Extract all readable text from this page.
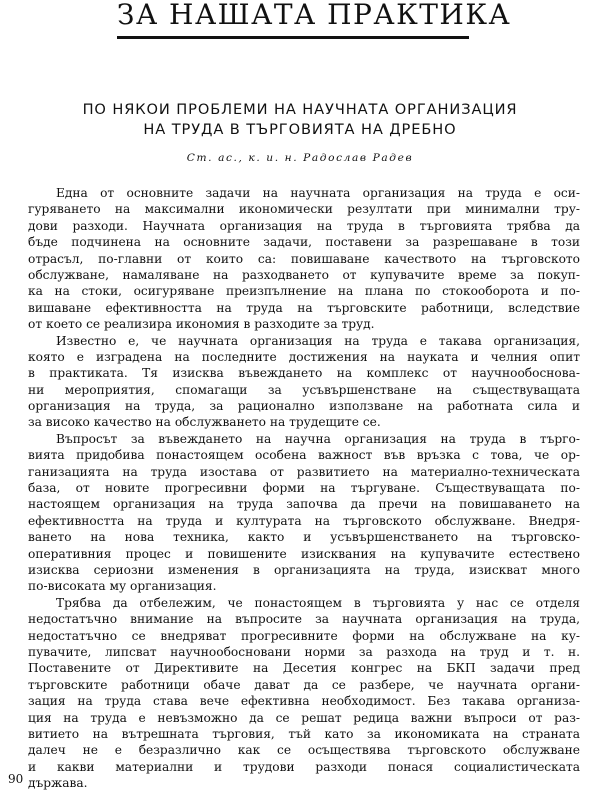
ЗА НАШАТА ПРАКТИКА
ПО НЯКОИ ПРОБЛЕМИ НА НАУЧНАТА ОРГАНИЗАЦИЯ
НА ТРУДА В ТЪРГОВИЯТА НА ДРЕБНО
Ст. ас., к. и. н. Радослав Радев
Една от основните задачи на научната организация на труда е оси-
гуряването на максимални икономически резултати при минимални тру-
дови разходи. Научната организация на труда в търговията трябва да
бъде подчинена на основните задачи, поставени за разрешаване в този
отрасъл, по-главни от които са: повишаване качеството на търговското
обслужване, намаляване на разходването от купувачите време за покуп-
ка на стоки, осигуряване преизпълнение на плана по стокооборота и по-
вишаване ефективността на труда на търговските работници, вследствие
от което се реализира икономия в разходите за труд.
Известно е, че научната организация на труда е такава организация,
която е изградена на последните достижения на науката и челния опит
в практиката. Тя изисква въвеждането на комплекс от научнообоснова-
ни мероприятия, спомагащи за усъвършенстване на съществуващата
организация на труда, за рационално използване на работната сила и
за високо качество на обслужването на трудещите се.
Въпросът за въвеждането на научна организация на труда в търго-
вията придобива понастоящем особена важност във връзка с това, че ор-
ганизацията на труда изостава от развитието на материално-техническата
база, от новите прогресивни форми на търгуване. Съществуващата по-
настоящем организация на труда започва да пречи на повишаването на
ефективността на труда и културата на търговското обслужване. Внедря-
ването на нова техника, както и усъвършенстването на търговско-
оперативния процес и повишените изисквания на купувачите естествено
изисква сериозни изменения в организацията на труда, изискват много
по-високата му организация.
Трябва да отбележим, че понастоящем в търговията у нас се отделя
недостатъчно внимание на въпросите за научната организация на труда,
недостатъчно се внедряват прогресивните форми на обслужване на ку-
пувачите, липсват научнообосновани норми за разхода на труд и т. н.
Поставените от Директивите на Десетия конгрес на БКП задачи пред
търговските работници обаче дават да се разбере, че научната органи-
зация на труда става вече ефективна необходимост. Без такава организа-
ция на труда е невъзможно да се решат редица важни въпроси от раз-
витието на вътрешната търговия, тъй като за икономиката на страната
далеч не е безразлично как се осъществява търговското обслужване
и какви материални и трудови разходи понася социалистическата
държава.
90
